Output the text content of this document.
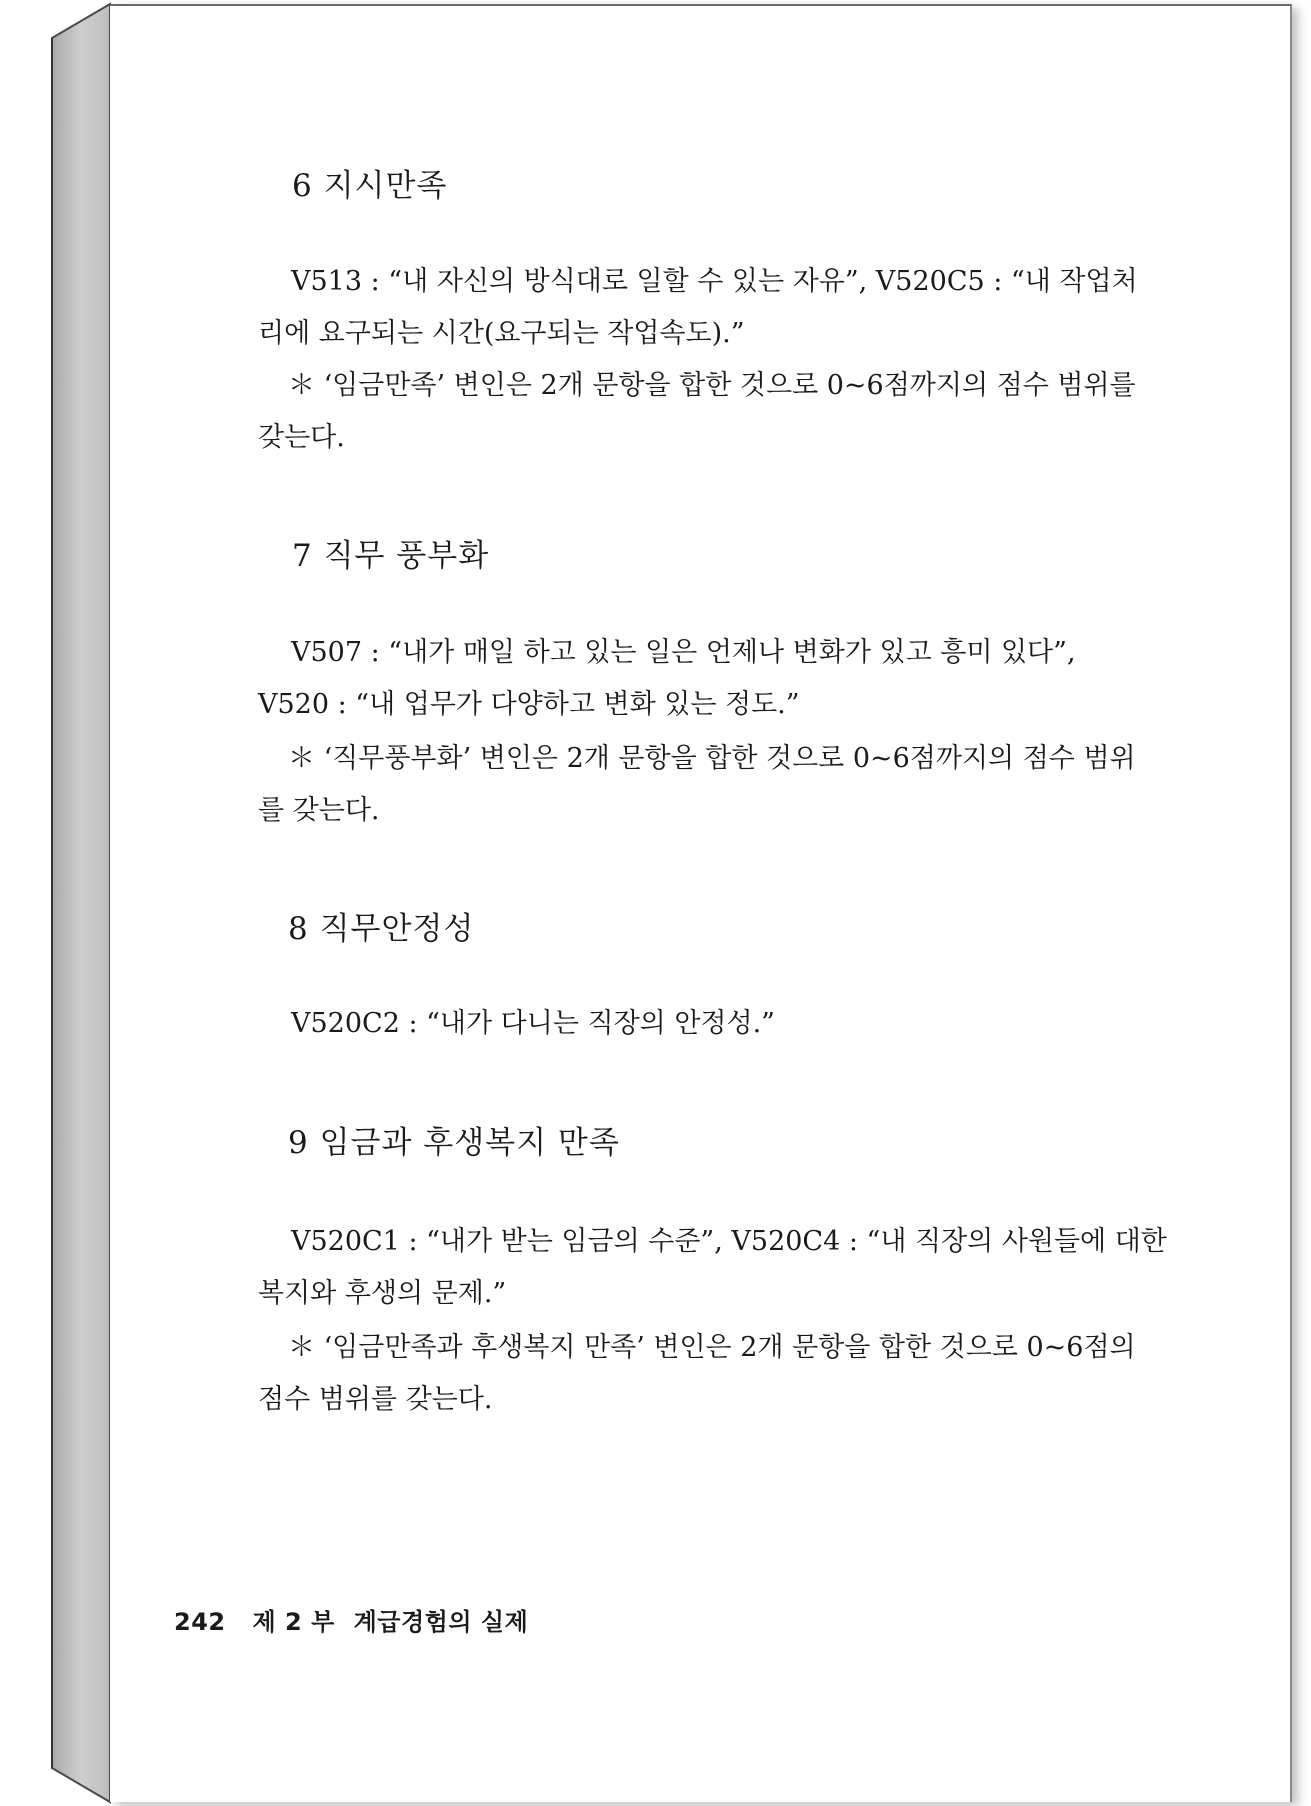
6 지시만족
V513 : “내 자신의 방식대로 일할 수 있는 자유”, V520C5 : “내 작업처
리에 요구되는 시간(요구되는 작업속도).”
＊ ‘임금만족’ 변인은 2개 문항을 합한 것으로 0~6점까지의 점수 범위를
갖는다.
7 직무 풍부화
V507 : “내가 매일 하고 있는 일은 언제나 변화가 있고 흥미 있다”,
V520 : “내 업무가 다양하고 변화 있는 정도.”
＊ ‘직무풍부화’ 변인은 2개 문항을 합한 것으로 0~6점까지의 점수 범위
를 갖는다.
8 직무안정성
V520C2 : “내가 다니는 직장의 안정성.”
9 임금과 후생복지 만족
V520C1 : “내가 받는 임금의 수준”, V520C4 : “내 직장의 사원들에 대한
복지와 후생의 문제.”
＊ ‘임금만족과 후생복지 만족’ 변인은 2개 문항을 합한 것으로 0~6점의
점수 범위를 갖는다.
242 제 2 부 계급경험의 실제
